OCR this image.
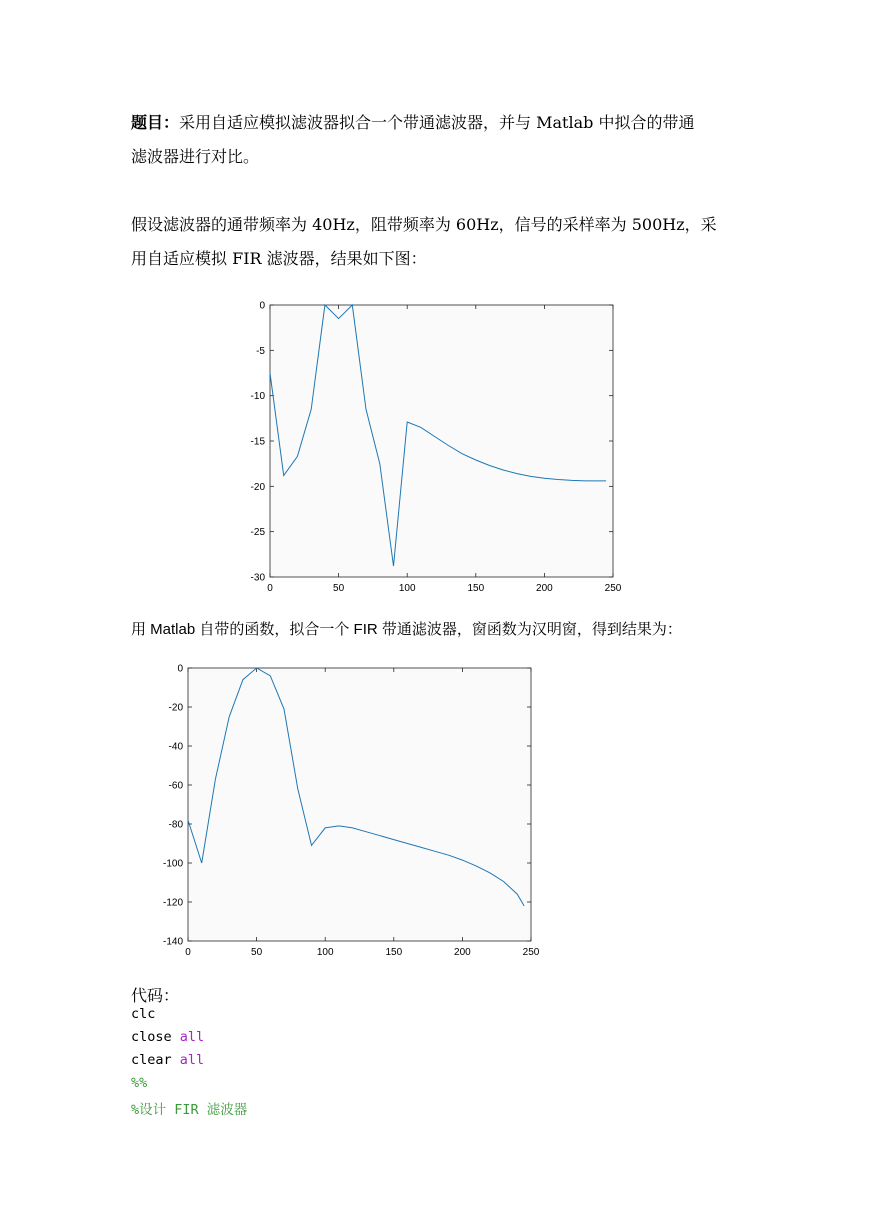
题目：采用自适应模拟滤波器拟合一个带通滤波器，并与 Matlab 中拟合的带通
滤波器进行对比。
假设滤波器的通带频率为 40Hz，阻带频率为 60Hz，信号的采样率为 500Hz，采
用自适应模拟 FIR 滤波器，结果如下图：
0	50	100	150	200	250
0
-5
-10
-15
-20
-25
-30
用 Matlab 自带的函数，拟合一个 FIR 带通滤波器，窗函数为汉明窗，得到结果为：
0	50	100	150	200	250
0
-20
-40
-60
-80
-100
-120
-140
代码：
clc
close all
clear all
%%
%设计 FIR 滤波器
